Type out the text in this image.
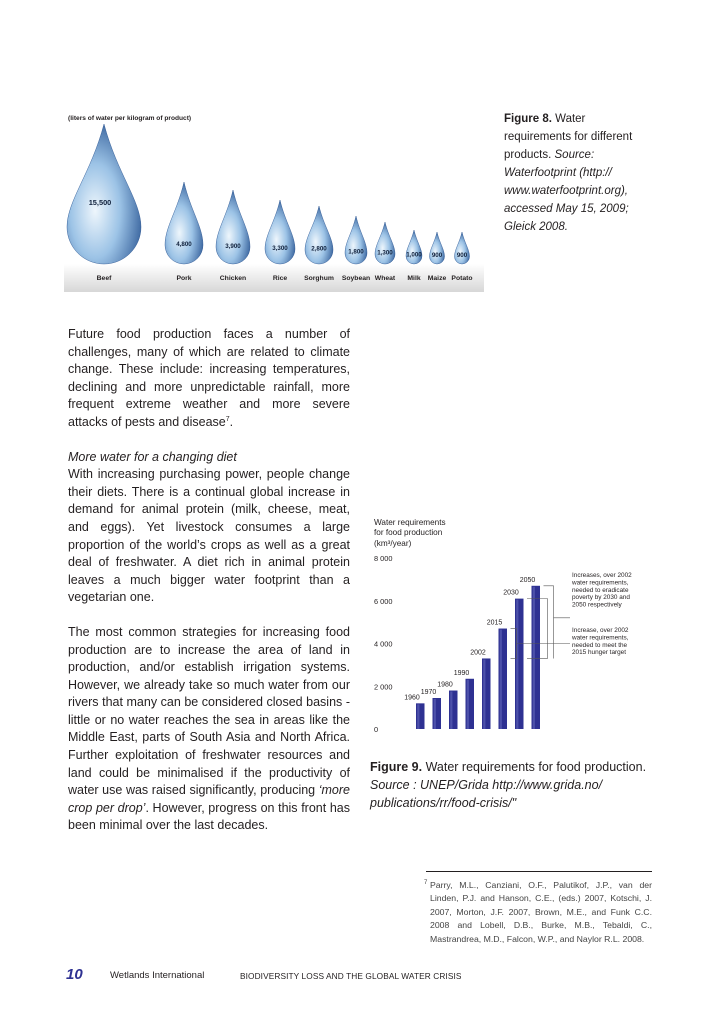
(liters of water per kilogram of product)
15,500
Beef
4,800
Pork
3,900
Chicken
3,300
Rice
2,800
Sorghum
1,800
Soybean
1,300
Wheat
1,000
Milk
900
Maize
900
Potato
Figure 8. Water requirements for different products. Source: Waterfootprint (http:// www.waterfootprint.org), accessed May 15, 2009; Gleick 2008.

Future food production faces a number of challenges, many of which are related to climate change. These include: increasing temperatures, declining and more unpredictable rainfall, more frequent extreme weather and more severe attacks of pests and disease$^7$.

More water for a changing diet

With increasing purchasing power, people change their diets. There is a continual global increase in demand for animal protein (milk, cheese, meat, and eggs). Yet livestock consumes a large proportion of the world’s crops as well as a great deal of freshwater. A diet rich in animal protein leaves a much bigger water footprint than a vegetarian one.

The most common strategies for increasing food production are to increase the area of land in production, and/or establish irrigation systems. However, we already take so much water from our rivers that many can be considered closed basins - little or no water reaches the sea in areas like the Middle East, parts of South Asia and North Africa. Further exploitation of freshwater resources and land could be minimalised if the productivity of water use was raised significantly, producing ‘more crop per drop’. However, progress on this front has been minimal over the last decades.

Water requirements
for food production
(km³/year)
0
2 000
4 000
6 000
8 000
1960
1970
1980
1990
2002
2015
2030
2050
Increases, over 2002 water requirements, needed to eradicate poverty by 2030 and 2050 respectively
Increase, over 2002 water requirements, needed to meet the 2015 hunger target
Figure 9. Water requirements for food production.
Source : UNEP/Grida http://www.grida.no/ publications/rr/food-crisis/"
7 Parry, M.L., Canziani, O.F., Palutikof, J.P., van der Linden, P.J. and Hanson, C.E., (eds.) 2007, Kotschi, J. 2007, Morton, J.F. 2007, Brown, M.E., and Funk C.C. 2008 and Lobell, D.B., Burke, M.B., Tebaldi, C., Mastrandrea, M.D., Falcon, W.P., and Naylor R.L. 2008.
10	Wetlands International	BIODIVERSITY LOSS AND THE GLOBAL WATER CRISIS
